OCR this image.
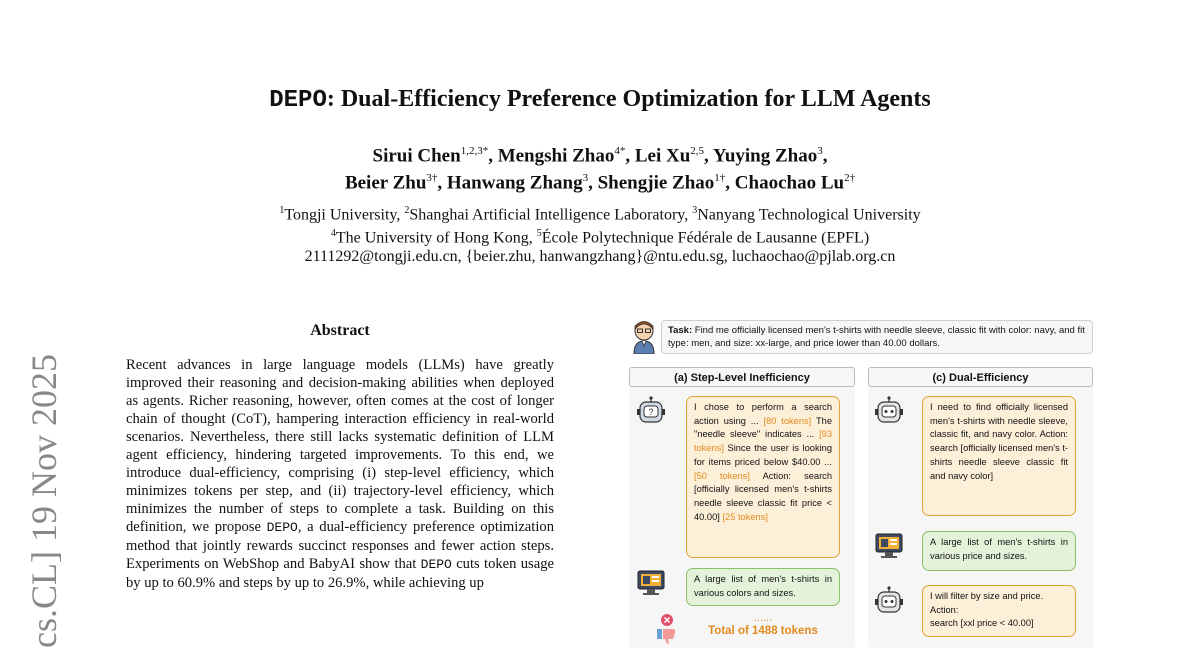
DEPO: Dual-Efficiency Preference Optimization for LLM Agents
Sirui Chen$^{1,2,3*}$, Mengshi Zhao$^{4*}$, Lei Xu$^{2,5}$, Yuying Zhao$^3$,
Beier Zhu$^{3\dagger}$, Hanwang Zhang$^3$, Shengjie Zhao$^{1\dagger}$, Chaochao $Lu^{2\dagger}$
$^1$Tongji University, $^2$Shanghai Artificial Intelligence Laboratory, $^3$Nanyang Technological University
$^4$The University of Hong Kong, $^5$École Polytechnique Fédérale de Lausanne (EPFL)
2111292@tongji.edu.cn, {beier.zhu, hanwangzhang}@ntu.edu.sg, luchaochao@pjlab.org.cn
cs.CL] 19 Nov 2025
Abstract
Recent advances in large language models (LLMs) have greatly improved their reasoning and decision-making abilities when deployed as agents. Richer reasoning, however, often comes at the cost of longer chain of thought (CoT), hampering interaction efficiency in real-world scenarios. Nevertheless, there still lacks systematic definition of LLM agent efficiency, hindering targeted improvements. To this end, we introduce dual-efficiency, comprising (i) step-level efficiency, which minimizes tokens per step, and (ii) trajectory-level efficiency, which minimizes the number of steps to complete a task. Building on this definition, we propose DEPO, a dual-efficiency preference optimization method that jointly rewards succinct responses and fewer action steps. Experiments on WebShop and BabyAI show that DEPO cuts token usage by up to 60.9% and steps by up to 26.9%, while achieving up
Task: Find me officially licensed men's t-shirts with needle sleeve, classic fit with color: navy, and fit type: men, and size: xx-large, and price lower than 40.00 dollars.
(a) Step-Level Inefficiency	(c) Dual-Efficiency
?	I chose to perform a search action using ... [80 tokens] The "needle sleeve" indicates ... [93 tokens] Since the user is looking for items priced below $40.00 ... [50 tokens] Action: search [officially licensed men's t-shirts needle sleeve classic fit price < 40.00] [25 tokens]
A large list of men's t-shirts in various colors and sizes.
......
Total of 1488 tokens
I need to find officially licensed men's t-shirts with needle sleeve, classic fit, and navy color. Action: search [officially licensed men's t-shirts needle sleeve classic fit and navy color]
A large list of men's t-shirts in various price and sizes.
I will filter by size and price.
Action:
search [xxl price < 40.00]
